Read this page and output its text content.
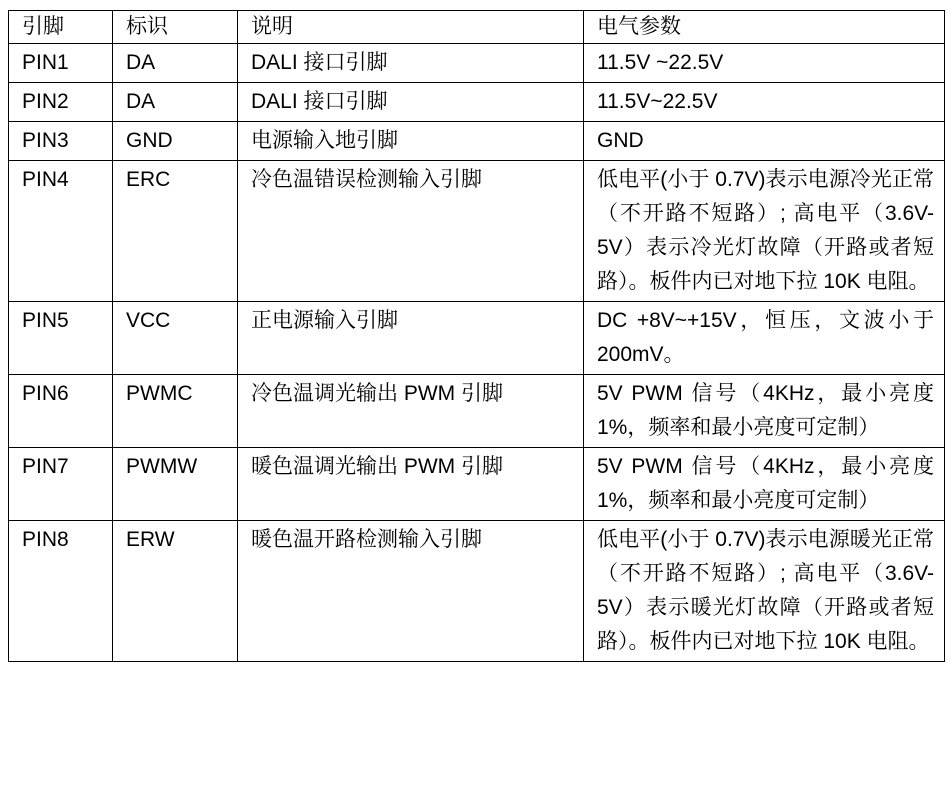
引脚	标识	说明	电气参数
PIN1	DA	DALI 接口引脚	11.5V ~22.5V
PIN2	DA	DALI 接口引脚	11.5V~22.5V
PIN3	GND	电源输入地引脚	GND
PIN4	ERC	冷色温错误检测输入引脚	低电平(小于 0.7V)表示电源冷光正常（不开路不短路）; 高电平（3.6V-5V）表示冷光灯故障（开路或者短路）。板件内已对地下拉 10K 电阻。
PIN5	VCC	正电源输入引脚	DC +8V~+15V，恒压，文波小于 200mV。
PIN6	PWMC	冷色温调光输出 PWM 引脚	5V PWM 信号（4KHz，最小亮度 1%，频率和最小亮度可定制）
PIN7	PWMW	暖色温调光输出 PWM 引脚	5V PWM 信号（4KHz，最小亮度 1%，频率和最小亮度可定制）
PIN8	ERW	暖色温开路检测输入引脚	低电平(小于 0.7V)表示电源暖光正常（不开路不短路）; 高电平（3.6V-5V）表示暖光灯故障（开路或者短路）。板件内已对地下拉 10K 电阻。
